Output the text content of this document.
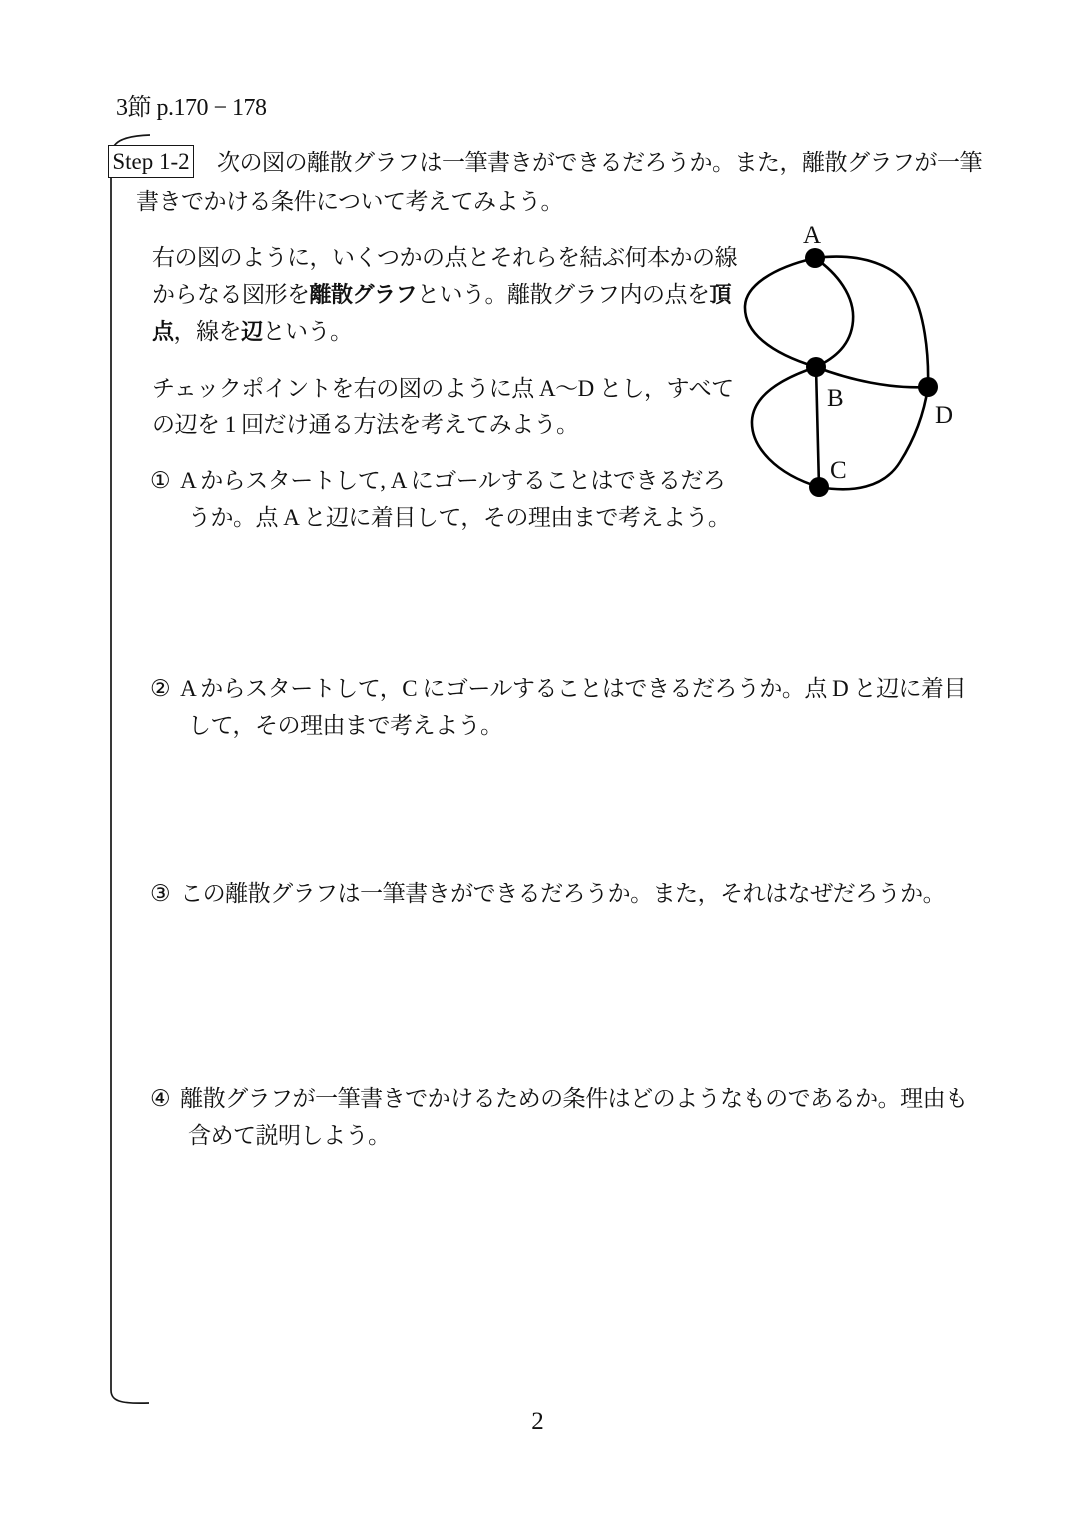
3節 p.170 − 178
Step 1-2 次の図の離散グラフは一筆書きができるだろうか。また，離散グラフが一筆
書きでかける条件について考えてみよう。
右の図のように，いくつかの点とそれらを結ぶ何本かの線
からなる図形を離散グラフという。離散グラフ内の点を頂
点，線を辺という。
チェックポイントを右の図のように点 A〜D とし，すべて
の辺を 1 回だけ通る方法を考えてみよう。
① A からスタートして, A にゴールすることはできるだろ
うか。点 A と辺に着目して，その理由まで考えよう。
② A からスタートして，C にゴールすることはできるだろうか。点 D と辺に着目
して，その理由まで考えよう。
③ この離散グラフは一筆書きができるだろうか。また，それはなぜだろうか。
④ 離散グラフが一筆書きでかけるための条件はどのようなものであるか。理由も
含めて説明しよう。
A
B
C
D
2
